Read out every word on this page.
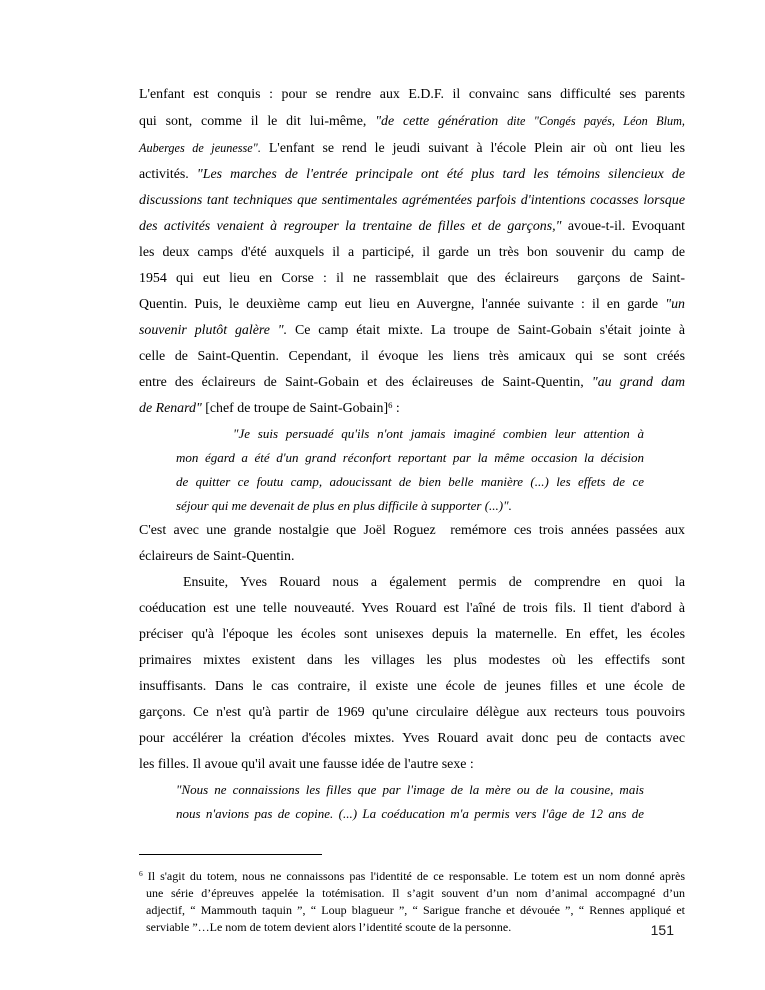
L'enfant est conquis : pour se rendre aux E.D.F. il convainc sans difficulté ses parents
qui sont, comme il le dit lui-même, "de cette génération dite "Congés payés, Léon Blum,
Auberges de jeunesse". L'enfant se rend le jeudi suivant à l'école Plein air où ont lieu les
activités. "Les marches de l'entrée principale ont été plus tard les témoins silencieux de
discussions tant techniques que sentimentales agrémentées parfois d'intentions cocasses lorsque
des activités venaient à regrouper la trentaine de filles et de garçons," avoue-t-il. Evoquant
les deux camps d'été auxquels il a participé, il garde un très bon souvenir du camp de
1954 qui eut lieu en Corse : il ne rassemblait que des éclaireurs  garçons de Saint-
Quentin. Puis, le deuxième camp eut lieu en Auvergne, l'année suivante : il en garde "un
souvenir plutôt galère ". Ce camp était mixte. La troupe de Saint-Gobain s'était jointe à
celle de Saint-Quentin. Cependant, il évoque les liens très amicaux qui se sont créés
entre des éclaireurs de Saint-Gobain et des éclaireuses de Saint-Quentin, "au grand dam
de Renard" [chef de troupe de Saint-Gobain]$^6$ :
"Je suis persuadé qu'ils n'ont jamais imaginé combien leur attention à
mon égard a été d'un grand réconfort reportant par la même occasion la décision
de quitter ce foutu camp, adoucissant de bien belle manière (...) les effets de ce
séjour qui me devenait de plus en plus difficile à supporter (...)".
C'est avec une grande nostalgie que Joël Roguez  remémore ces trois années passées aux
éclaireurs de Saint-Quentin.
Ensuite, Yves Rouard nous a également permis de comprendre en quoi la
coéducation est une telle nouveauté. Yves Rouard est l'aîné de trois fils. Il tient d'abord à
préciser qu'à l'époque les écoles sont unisexes depuis la maternelle. En effet, les écoles
primaires mixtes existent dans les villages les plus modestes où les effectifs sont
insuffisants. Dans le cas contraire, il existe une école de jeunes filles et une école de
garçons. Ce n'est qu'à partir de 1969 qu'une circulaire délègue aux recteurs tous pouvoirs
pour accélérer la création d'écoles mixtes. Yves Rouard avait donc peu de contacts avec
les filles. Il avoue qu'il avait une fausse idée de l'autre sexe :
"Nous ne connaissions les filles que par l'image de la mère ou de la cousine, mais
nous n'avions pas de copine. (...) La coéducation m'a permis vers l'âge de 12 ans de
$^6$ Il s'agit du totem, nous ne connaissons pas l'identité de ce responsable. Le totem est un nom donné après
une série d’épreuves appelée la totémisation. Il s’agit souvent d’un nom d’animal accompagné d’un
adjectif, “ Mammouth taquin ”, “ Loup blagueur ”, “ Sarigue franche et dévouée ”, “ Rennes appliqué et
serviable ”…Le nom de totem devient alors l’identité scoute de la personne.	151
